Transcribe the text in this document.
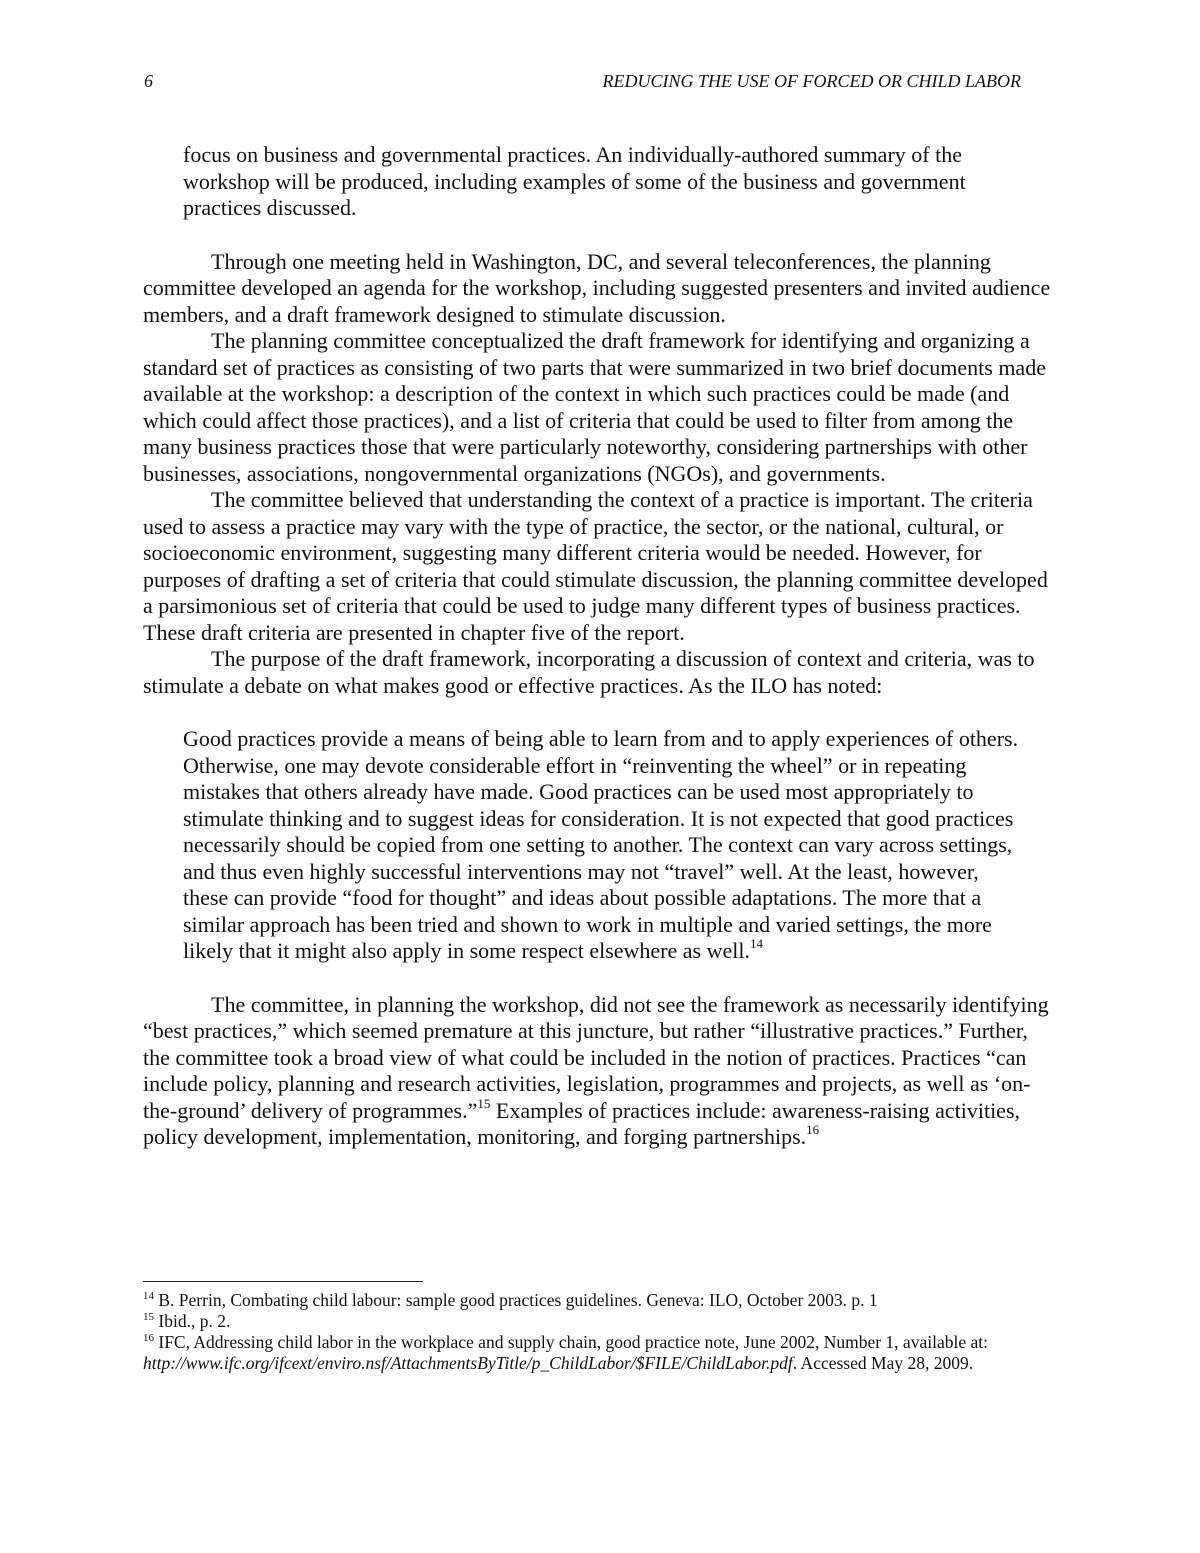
6	REDUCING THE USE OF FORCED OR CHILD LABOR

focus on business and governmental practices. An individually-authored summary of the workshop will be produced, including examples of some of the business and government practices discussed.

Through one meeting held in Washington, DC, and several teleconferences, the planning committee developed an agenda for the workshop, including suggested presenters and invited audience members, and a draft framework designed to stimulate discussion.

The planning committee conceptualized the draft framework for identifying and organizing a standard set of practices as consisting of two parts that were summarized in two brief documents made available at the workshop: a description of the context in which such practices could be made (and which could affect those practices), and a list of criteria that could be used to filter from among the many business practices those that were particularly noteworthy, considering partnerships with other businesses, associations, nongovernmental organizations (NGOs), and governments.

The committee believed that understanding the context of a practice is important. The criteria used to assess a practice may vary with the type of practice, the sector, or the national, cultural, or socioeconomic environment, suggesting many different criteria would be needed. However, for purposes of drafting a set of criteria that could stimulate discussion, the planning committee developed a parsimonious set of criteria that could be used to judge many different types of business practices. These draft criteria are presented in chapter five of the report.

The purpose of the draft framework, incorporating a discussion of context and criteria, was to stimulate a debate on what makes good or effective practices. As the ILO has noted:

Good practices provide a means of being able to learn from and to apply experiences of others. Otherwise, one may devote considerable effort in “reinventing the wheel” or in repeating mistakes that others already have made. Good practices can be used most appropriately to stimulate thinking and to suggest ideas for consideration. It is not expected that good practices necessarily should be copied from one setting to another. The context can vary across settings, and thus even highly successful interventions may not “travel” well. At the least, however, these can provide “food for thought” and ideas about possible adaptations. The more that a similar approach has been tried and shown to work in multiple and varied settings, the more likely that it might also apply in some respect elsewhere as well.$^{14}$

The committee, in planning the workshop, did not see the framework as necessarily identifying “best practices,” which seemed premature at this juncture, but rather “illustrative practices.” Further, the committee took a broad view of what could be included in the notion of practices. Practices “can include policy, planning and research activities, legislation, programmes and projects, as well as ‘on-the-ground’ delivery of programmes.”$^{15}$ Examples of practices include: awareness-raising activities, policy development, implementation, monitoring, and forging partnerships.$^{16}$

$^{14}$ B. Perrin, Combating child labour: sample good practices guidelines. Geneva: ILO, October 2003. p. 1

$^{15}$ Ibid., p. 2.

$^{16}$ IFC, Addressing child labor in the workplace and supply chain, good practice note, June 2002, Number 1, available at: http://www.ifc.org/ifcext/enviro.nsf/AttachmentsByTitle/p_ChildLabor/$FILE/ChildLabor.pdf. Accessed May 28, 2009.
